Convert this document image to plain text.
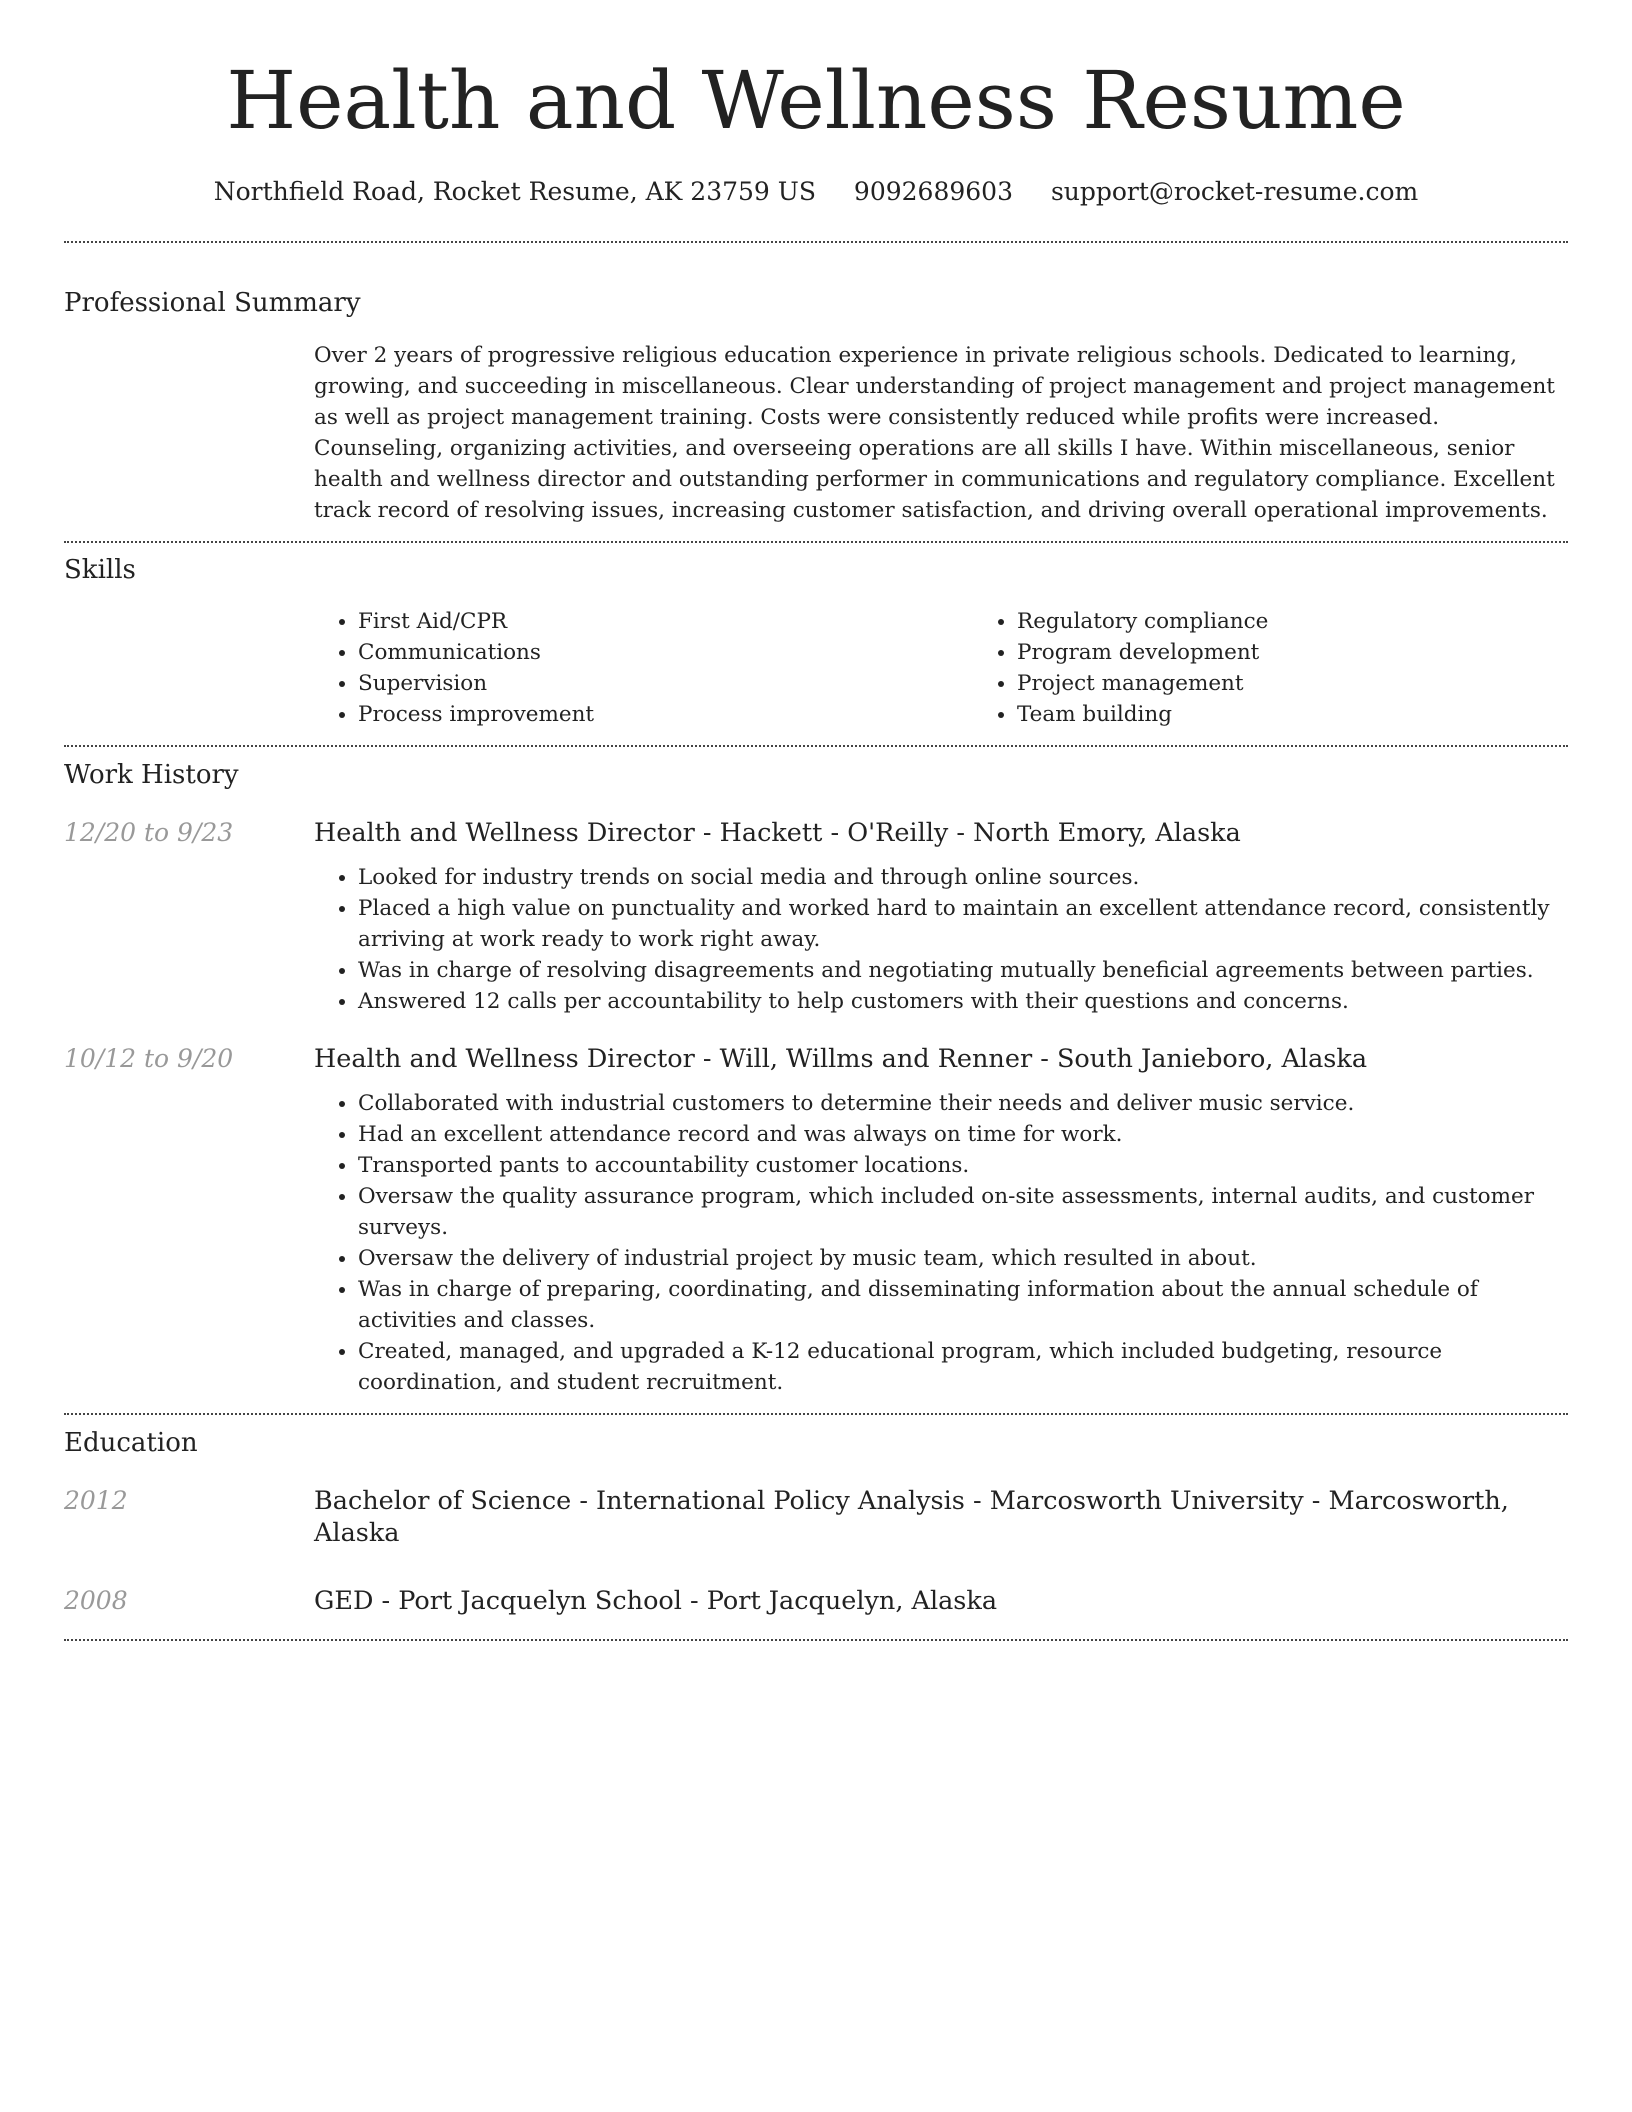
Health and Wellness Resume
Northfield Road, Rocket Resume, AK 23759 US 9092689603 support@rocket-resume.com
Professional Summary
Over 2 years of progressive religious education experience in private religious schools. Dedicated to learning, growing, and succeeding in miscellaneous. Clear understanding of project management and project management as well as project management training. Costs were consistently reduced while profits were increased. Counseling, organizing activities, and overseeing operations are all skills I have. Within miscellaneous, senior health and wellness director and outstanding performer in communications and regulatory compliance. Excellent track record of resolving issues, increasing customer satisfaction, and driving overall operational improvements.
Skills
• First Aid/CPR
• Communications
• Supervision
• Process improvement
• Regulatory compliance
• Program development
• Project management
• Team building
Work History
12/20 to 9/23	Health and Wellness Director - Hackett - O'Reilly - North Emory, Alaska
• Looked for industry trends on social media and through online sources.
• Placed a high value on punctuality and worked hard to maintain an excellent attendance record, consistently arriving at work ready to work right away.
• Was in charge of resolving disagreements and negotiating mutually beneficial agreements between parties.
• Answered 12 calls per accountability to help customers with their questions and concerns.
10/12 to 9/20	Health and Wellness Director - Will, Willms and Renner - South Janieboro, Alaska
• Collaborated with industrial customers to determine their needs and deliver music service.
• Had an excellent attendance record and was always on time for work.
• Transported pants to accountability customer locations.
• Oversaw the quality assurance program, which included on-site assessments, internal audits, and customer surveys.
• Oversaw the delivery of industrial project by music team, which resulted in about.
• Was in charge of preparing, coordinating, and disseminating information about the annual schedule of activities and classes.
• Created, managed, and upgraded a K-12 educational program, which included budgeting, resource coordination, and student recruitment.
Education
2012	Bachelor of Science - International Policy Analysis - Marcosworth University - Marcosworth, Alaska
2008	GED - Port Jacquelyn School - Port Jacquelyn, Alaska
